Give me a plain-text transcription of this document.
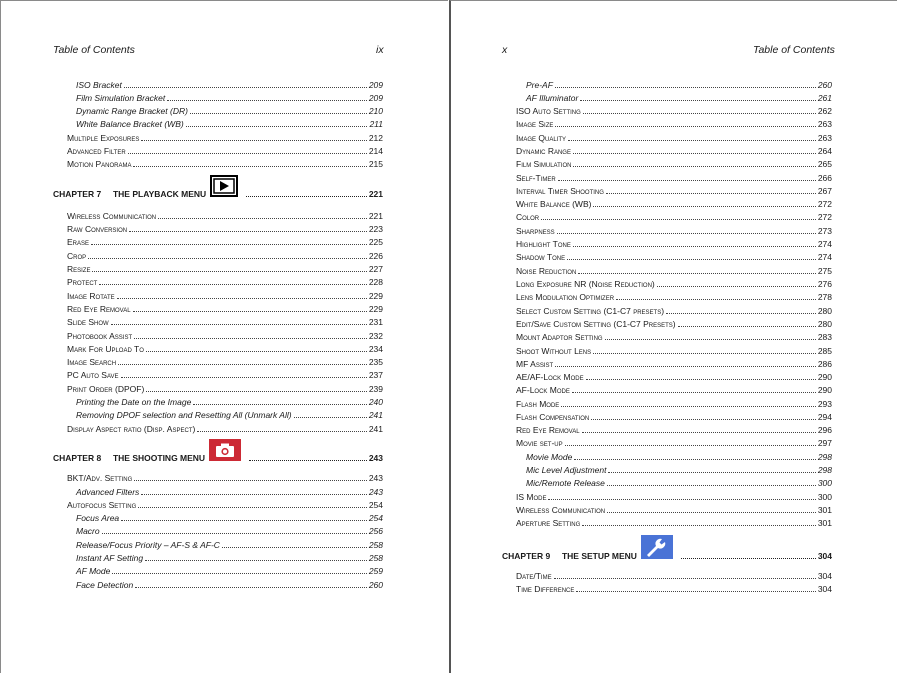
Table of Contents	ix
ISO Bracket	209
Film Simulation Bracket	209
Dynamic Range Bracket (DR)	210
White Balance Bracket (WB)	211
Multiple Exposures	212
Advanced Filter	214
Motion Panorama	215
CHAPTER 7     THE PLAYBACK MENU	221
Wireless Communication	221
Raw Conversion	223
Erase	225
Crop	226
Resize	227
Protect	228
Image Rotate	229
Red Eye Removal	229
Slide Show	231
Photobook Assist	232
Mark For Upload To	234
Image Search	235
PC Auto Save	237
Print Order (DPOF)	239
Printing the Date on the Image	240
Removing DPOF selection and Resetting All (Unmark All)	241
Display Aspect ratio (Disp. Aspect)	241
CHAPTER 8     THE SHOOTING MENU	243
BKT/Adv. Setting	243
Advanced Filters	243
Autofocus Setting	254
Focus Area	254
Macro	256
Release/Focus Priority – AF-S & AF-C	258
Instant AF Setting	258
AF Mode	259
Face Detection	260
x	Table of Contents
Pre-AF	260
AF Illuminator	261
ISO Auto Setting	262
Image Size	263
Image Quality	263
Dynamic Range	264
Film Simulation	265
Self-Timer	266
Interval Timer Shooting	267
White Balance (WB)	272
Color	272
Sharpness	273
Highlight Tone	274
Shadow Tone	274
Noise Reduction	275
Long Exposure NR (Noise Reduction)	276
Lens Modulation Optimizer	278
Select Custom Setting (C1-C7 presets)	280
Edit/Save Custom Setting (C1-C7 Presets)	280
Mount Adaptor Setting	283
Shoot Without Lens	285
MF Assist	286
AE/AF-Lock Mode	290
AF-Lock Mode	290
Flash Mode	293
Flash Compensation	294
Red Eye Removal	296
Movie set-up	297
Movie Mode	298
Mic Level Adjustment	298
Mic/Remote Release	300
IS Mode	300
Wireless Communication	301
Aperture Setting	301
CHAPTER 9     THE SETUP MENU	304
Date/Time	304
Time Difference	304
